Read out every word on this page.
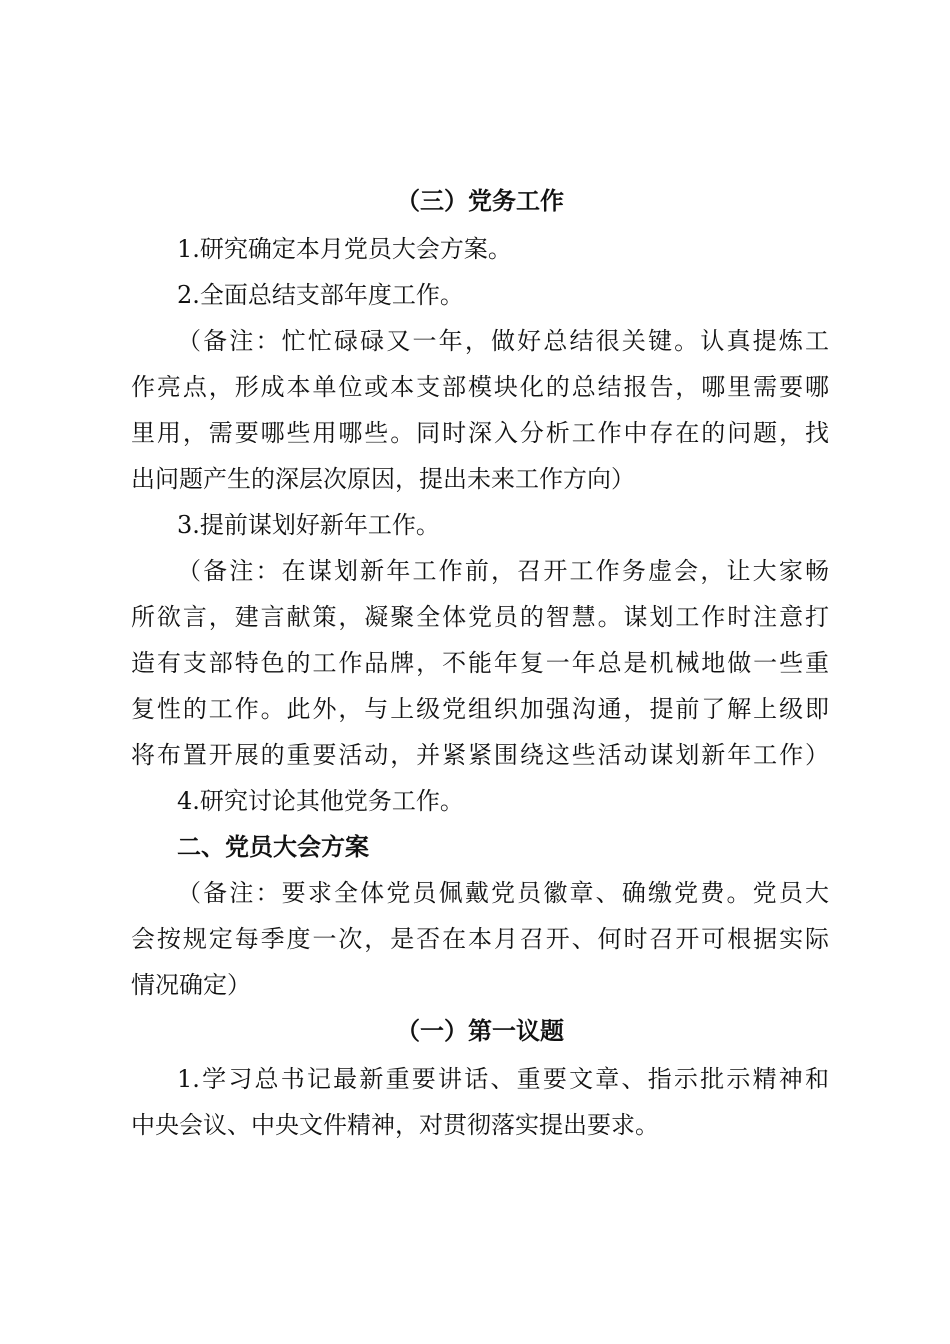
（三）党务工作
1.研究确定本月党员大会方案。
2.全面总结支部年度工作。
（备注：忙忙碌碌又一年，做好总结很关键。认真提炼工
作亮点，形成本单位或本支部模块化的总结报告，哪里需要哪
里用，需要哪些用哪些。同时深入分析工作中存在的问题，找
出问题产生的深层次原因，提出未来工作方向）
3.提前谋划好新年工作。
（备注：在谋划新年工作前，召开工作务虚会，让大家畅
所欲言，建言献策，凝聚全体党员的智慧。谋划工作时注意打
造有支部特色的工作品牌，不能年复一年总是机械地做一些重
复性的工作。此外，与上级党组织加强沟通，提前了解上级即
将布置开展的重要活动，并紧紧围绕这些活动谋划新年工作）
4.研究讨论其他党务工作。
二、党员大会方案
（备注：要求全体党员佩戴党员徽章、确缴党费。党员大
会按规定每季度一次，是否在本月召开、何时召开可根据实际
情况确定）
（一）第一议题
1.学习总书记最新重要讲话、重要文章、指示批示精神和
中央会议、中央文件精神，对贯彻落实提出要求。
